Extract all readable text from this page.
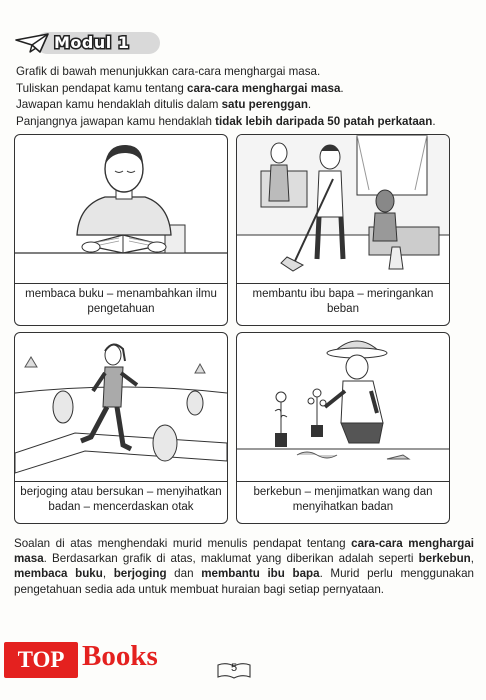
Modul 1

Grafik di bawah menunjukkan cara-cara menghargai masa.

Tuliskan pendapat kamu tentang cara-cara menghargai masa.

Jawapan kamu hendaklah ditulis dalam satu perenggan.

Panjangnya jawapan kamu hendaklah tidak lebih daripada 50 patah perkataan.

membaca buku – menambahkan ilmu pengetahuan
membantu ibu bapa – meringankan beban
berjoging atau bersukan – menyihatkan badan – mencerdaskan otak
berkebun – menjimatkan wang dan menyihatkan badan
Soalan di atas menghendaki murid menulis pendapat tentang cara-cara menghargai masa. Berdasarkan grafik di atas, maklumat yang diberikan adalah seperti berkebun, membaca buku, berjoging dan membantu ibu bapa. Murid perlu menggunakan pengetahuan sedia ada untuk membuat huraian bagi setiap pernyataan.
TOP Books	5
